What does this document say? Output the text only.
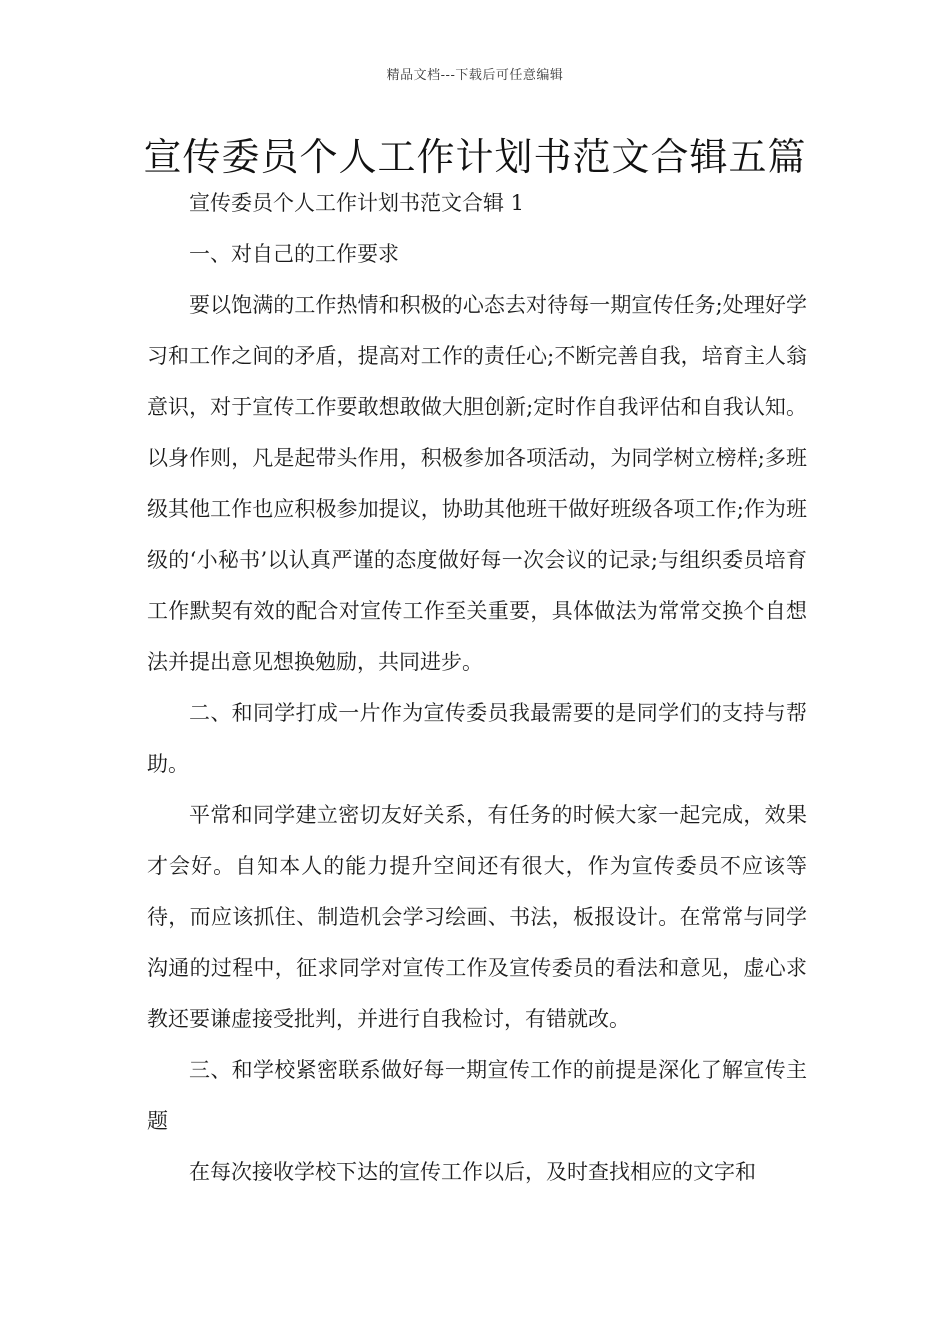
精品文档---下载后可任意编辑
宣传委员个人工作计划书范文合辑五篇

宣传委员个人工作计划书范文合辑 1

一、对自己的工作要求

要以饱满的工作热情和积极的心态去对待每一期宣传任务;处理好学习和工作之间的矛盾，提高对工作的责任心;不断完善自我，培育主人翁意识，对于宣传工作要敢想敢做大胆创新;定时作自我评估和自我认知。以身作则，凡是起带头作用，积极参加各项活动，为同学树立榜样;多班级其他工作也应积极参加提议，协助其他班干做好班级各项工作;作为班级的‘小秘书’以认真严谨的态度做好每一次会议的记录;与组织委员培育工作默契有效的配合对宣传工作至关重要，具体做法为常常交换个自想法并提出意见想换勉励，共同进步。

二、和同学打成一片作为宣传委员我最需要的是同学们的支持与帮助。

平常和同学建立密切友好关系，有任务的时候大家一起完成，效果才会好。自知本人的能力提升空间还有很大，作为宣传委员不应该等待，而应该抓住、制造机会学习绘画、书法，板报设计。在常常与同学沟通的过程中，征求同学对宣传工作及宣传委员的看法和意见，虚心求教还要谦虚接受批判，并进行自我检讨，有错就改。

三、和学校紧密联系做好每一期宣传工作的前提是深化了解宣传主题

在每次接收学校下达的宣传工作以后，及时查找相应的文字和
